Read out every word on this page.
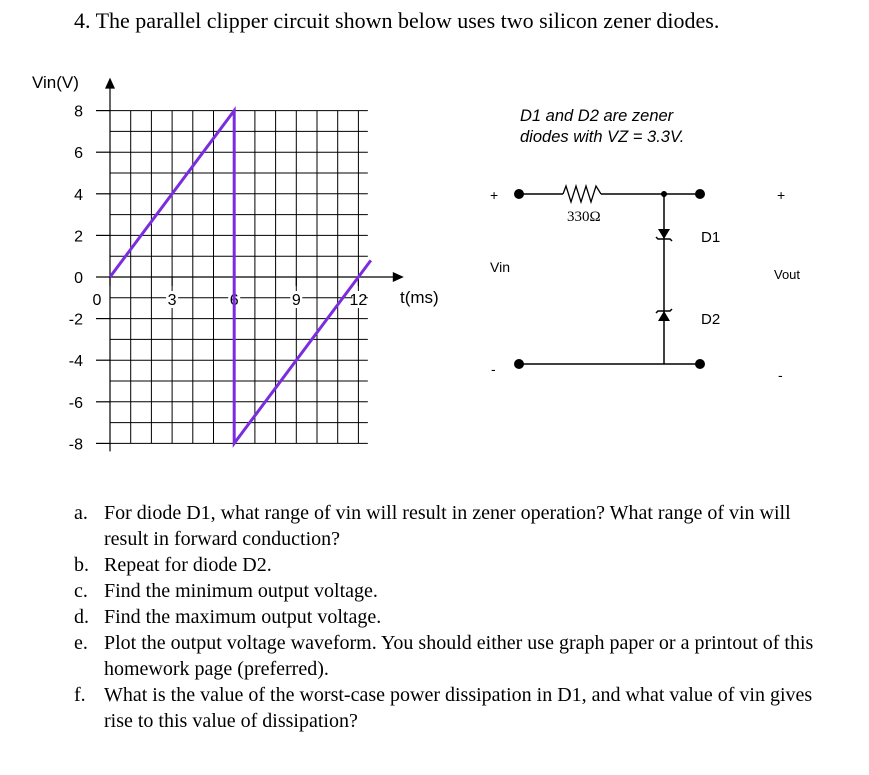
4. The parallel clipper circuit shown below uses two silicon zener diodes.
8
6
4
2
0
-2
-4
-6
-8
0	3	6	9	12
Vin(V)
t(ms)
D1 and D2 are zener
diodes with VZ = 3.3V.
+
Vin
-
+
Vout
-
330Ω
D1
D2
a. For diode D1, what range of vin will result in zener operation? What range of vin will result in forward conduction?
b. Repeat for diode D2.
c. Find the minimum output voltage.
d. Find the maximum output voltage.
e. Plot the output voltage waveform. You should either use graph paper or a printout of this homework page (preferred).
f. What is the value of the worst-case power dissipation in D1, and what value of vin gives rise to this value of dissipation?
